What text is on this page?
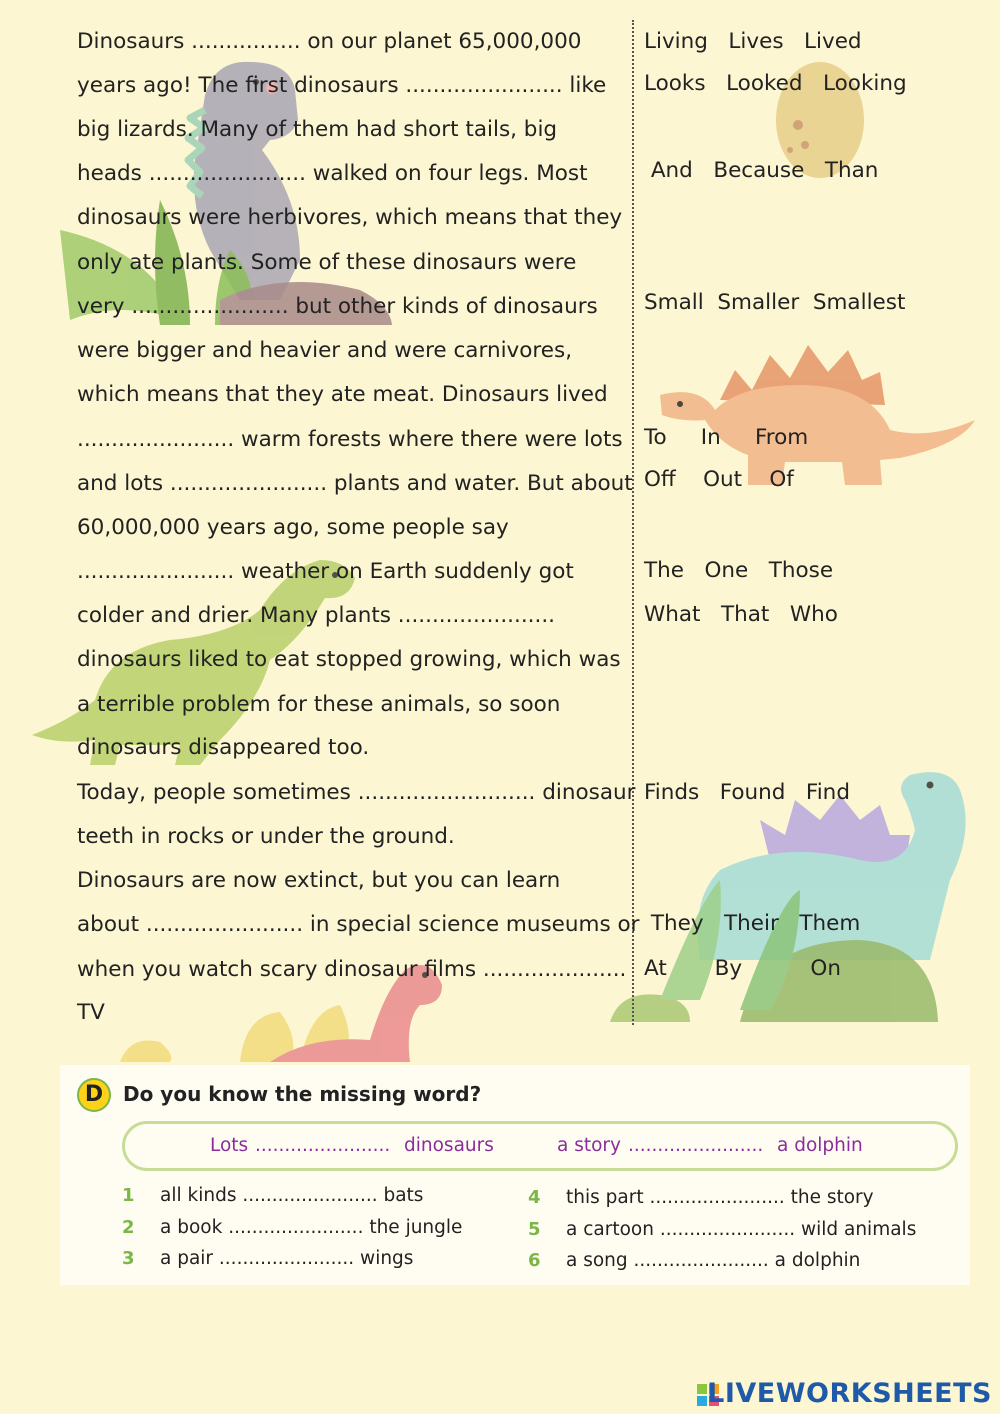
Dinosaurs ................ on our planet 65,000,000
years ago! The first dinosaurs ....................... like
big lizards. Many of them had short tails, big
heads ....................... walked on four legs. Most
dinosaurs were herbivores, which means that they
only ate plants. Some of these dinosaurs were
very ....................... but other kinds of dinosaurs
were bigger and heavier and were carnivores,
which means that they ate meat. Dinosaurs lived
....................... warm forests where there were lots
and lots ....................... plants and water. But about
60,000,000 years ago, some people say
....................... weather on Earth suddenly got
colder and drier. Many plants .......................
dinosaurs liked to eat stopped growing, which was
a terrible problem for these animals, so soon
dinosaurs disappeared too.
Today, people sometimes .......................... dinosaur
teeth in rocks or under the ground.
Dinosaurs are now extinct, but you can learn
about ....................... in special science museums or
when you watch scary dinosaur films .....................
TV
Living   Lives   Lived
Looks   Looked   Looking
And   Because   Than
Small  Smaller  Smallest
To     In     From
Off    Out    Of
The   One   Those
What   That   Who
Finds   Found   Find
They   Their   Them
At       By          On
D Do you know the missing word?
Lots ....................... dinosaurs	a story ....................... a dolphin
1 all kinds ....................... bats
2 a book ....................... the jungle
3 a pair ....................... wings
4 this part ....................... the story
5 a cartoon ....................... wild animals
6 a song ....................... a dolphin
LIVEWORKSHEETS
